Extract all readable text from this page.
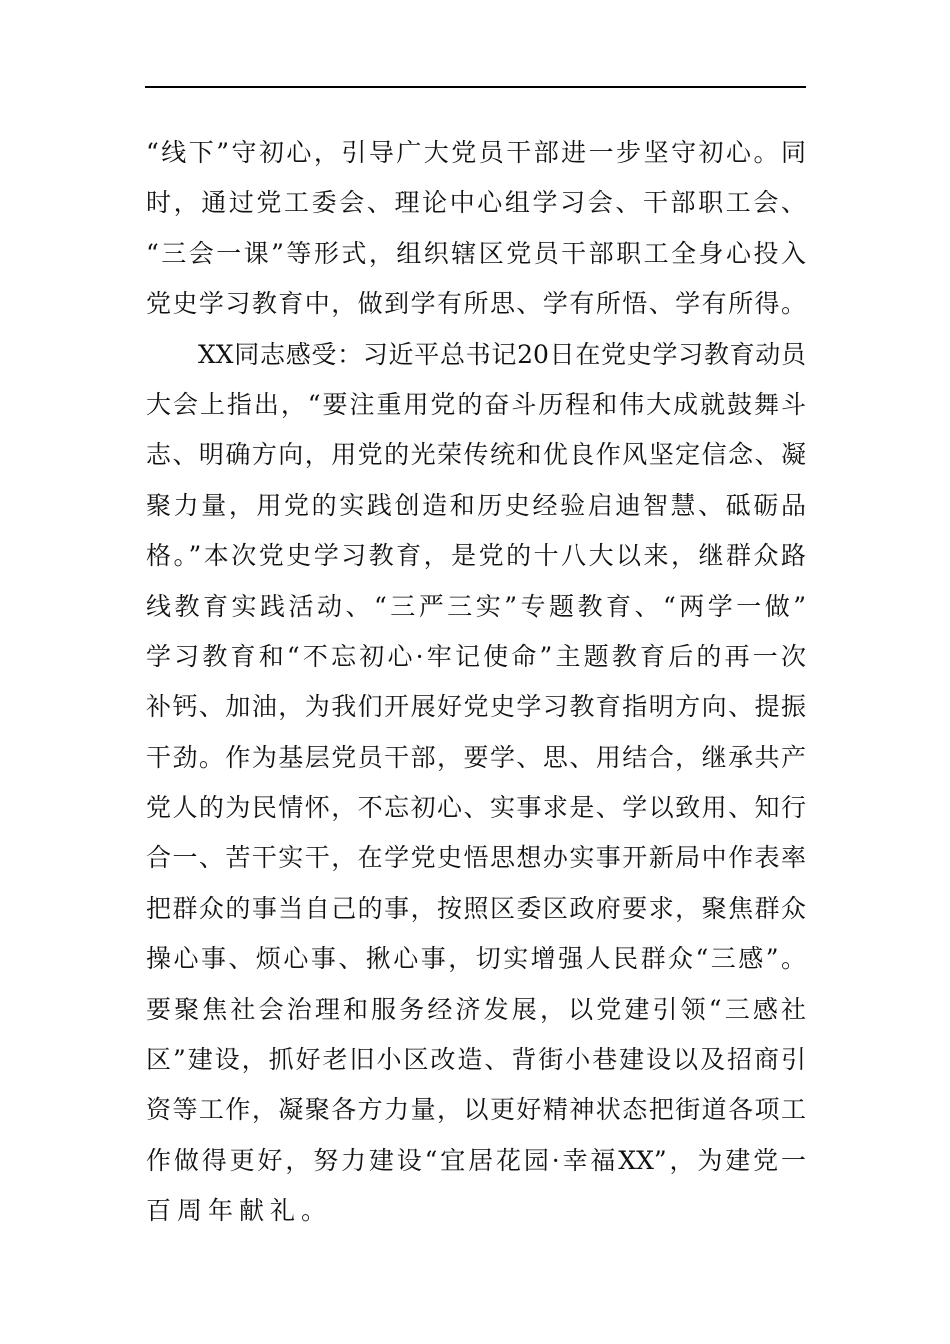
“线下”守初心，引导广大党员干部进一步坚守初心。同
时，通过党工委会、理论中心组学习会、干部职工会、
“三会一课”等形式，组织辖区党员干部职工全身心投入
党史学习教育中，做到学有所思、学有所悟、学有所得。
XX同志感受：习近平总书记20日在党史学习教育动员
大会上指出，“要注重用党的奋斗历程和伟大成就鼓舞斗
志、明确方向，用党的光荣传统和优良作风坚定信念、凝
聚力量，用党的实践创造和历史经验启迪智慧、砥砺品
格。”本次党史学习教育，是党的十八大以来，继群众路
线教育实践活动、“三严三实”专题教育、“两学一做”
学习教育和“不忘初心·牢记使命”主题教育后的再一次
补钙、加油，为我们开展好党史学习教育指明方向、提振
干劲。作为基层党员干部，要学、思、用结合，继承共产
党人的为民情怀，不忘初心、实事求是、学以致用、知行
合一、苦干实干，在学党史悟思想办实事开新局中作表率
把群众的事当自己的事，按照区委区政府要求，聚焦群众
操心事、烦心事、揪心事，切实增强人民群众“三感”。
要聚焦社会治理和服务经济发展，以党建引领“三感社
区”建设，抓好老旧小区改造、背街小巷建设以及招商引
资等工作，凝聚各方力量，以更好精神状态把街道各项工
作做得更好，努力建设“宜居花园·幸福XX”，为建党一
百周年献礼。
